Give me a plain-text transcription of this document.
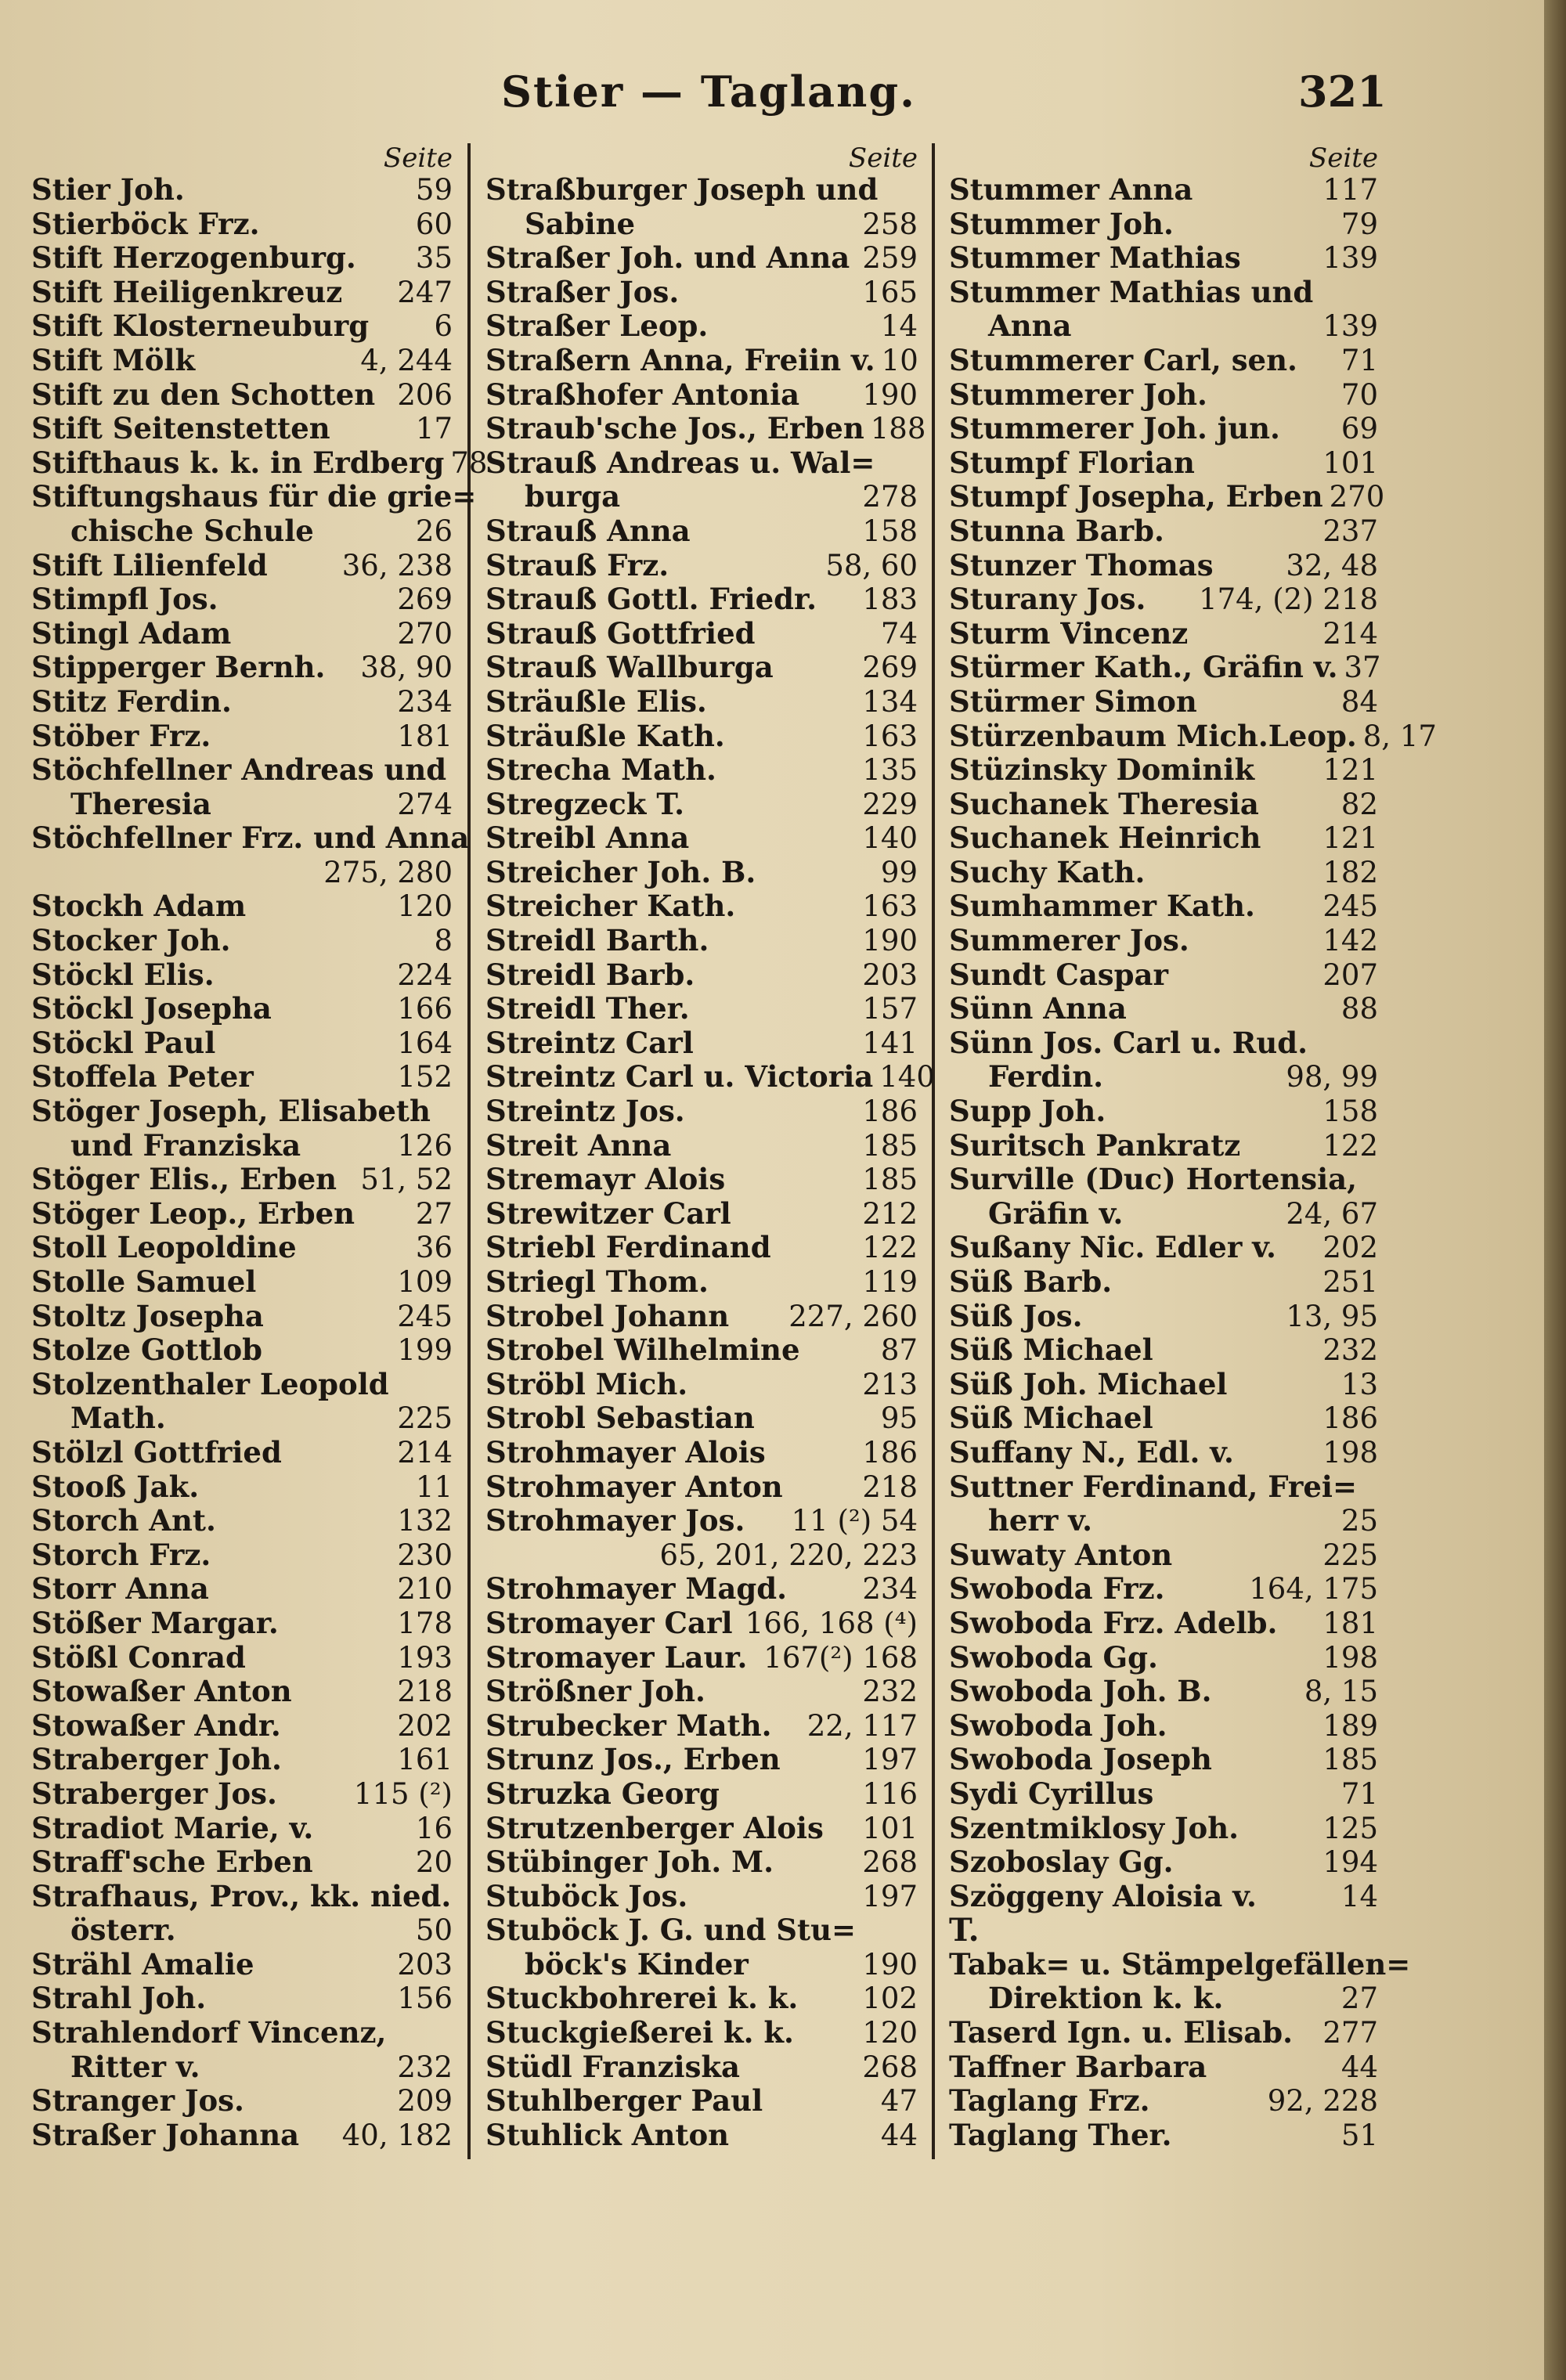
Stier — Taglang.	321
Seite
Stier Joh.	59
Stierböck Frz.	60
Stift Herzogenburg.	35
Stift Heiligenkreuz	247
Stift Klosterneuburg	6
Stift Mölk	4, 244
Stift zu den Schotten 206
Stift Seitenstetten	17
Stifthaus k. k. in Erdberg 78
Stiftungshaus für die grie=
chische Schule	26
Stift Lilienfeld	36, 238
Stimpfl Jos.	269
Stingl Adam	270
Stipperger Bernh.	38, 90
Stitz Ferdin.	234
Stöber Frz.	181
Stöchfellner Andreas und
Theresia	274
Stöchfellner Frz. und Anna
275, 280
Stockh Adam	120
Stocker Joh.	8
Stöckl Elis.	224
Stöckl Josepha	166
Stöckl Paul	164
Stoffela Peter	152
Stöger Joseph, Elisabeth
und Franziska	126
Stöger Elis., Erben 51, 52
Stöger Leop., Erben	27
Stoll Leopoldine	36
Stolle Samuel	109
Stoltz Josepha	245
Stolze Gottlob	199
Stolzenthaler Leopold
Math.	225
Stölzl Gottfried	214
Stooß Jak.	11
Storch Ant.	132
Storch Frz.	230
Storr Anna	210
Stößer Margar.	178
Stößl Conrad	193
Stowaßer Anton	218
Stowaßer Andr.	202
Straberger Joh.	161
Straberger Jos.	115 (²)
Stradiot Marie, v.	16
Straff'sche Erben	20
Strafhaus, Prov., kk. nied.
österr.	50
Strähl Amalie	203
Strahl Joh.	156
Strahlendorf Vincenz,
Ritter v.	232
Stranger Jos.	209
Straßer Johanna	40, 182
Seite
Straßburger Joseph und
Sabine	258
Straßer Joh. und Anna 259
Straßer Jos.	165
Straßer Leop.	14
Straßern Anna, Freiin v. 10
Straßhofer Antonia	190
Straub'sche Jos., Erben 188
Strauß Andreas u. Wal=
burga	278
Strauß Anna	158
Strauß Frz.	58, 60
Strauß Gottl. Friedr.	183
Strauß Gottfried	74
Strauß Wallburga	269
Sträußle Elis.	134
Sträußle Kath.	163
Strecha Math.	135
Stregzeck T.	229
Streibl Anna	140
Streicher Joh. B.	99
Streicher Kath.	163
Streidl Barth.	190
Streidl Barb.	203
Streidl Ther.	157
Streintz Carl	141
Streintz Carl u. Victoria 140
Streintz Jos.	186
Streit Anna	185
Stremayr Alois	185
Strewitzer Carl	212
Striebl Ferdinand	122
Striegl Thom.	119
Strobel Johann	227, 260
Strobel Wilhelmine	87
Ströbl Mich.	213
Strobl Sebastian	95
Strohmayer Alois	186
Strohmayer Anton	218
Strohmayer Jos.	11 (²) 54
65, 201, 220, 223
Strohmayer Magd.	234
Stromayer Carl 166, 168 (⁴)
Stromayer Laur. 167(²) 168
Strößner Joh.	232
Strubecker Math.	22, 117
Strunz Jos., Erben	197
Struzka Georg	116
Strutzenberger Alois	101
Stübinger Joh. M.	268
Stuböck Jos.	197
Stuböck J. G. und Stu=
böck's Kinder	190
Stuckbohrerei k. k.	102
Stuckgießerei k. k.	120
Stüdl Franziska	268
Stuhlberger Paul	47
Stuhlick Anton	44
Seite
Stummer Anna	117
Stummer Joh.	79
Stummer Mathias	139
Stummer Mathias und
Anna	139
Stummerer Carl, sen.	71
Stummerer Joh.	70
Stummerer Joh. jun.	69
Stumpf Florian	101
Stumpf Josepha, Erben 270
Stunna Barb.	237
Stunzer Thomas	32, 48
Sturany Jos.	174, (2) 218
Sturm Vincenz	214
Stürmer Kath., Gräfin v. 37
Stürmer Simon	84
Stürzenbaum Mich.Leop. 8, 17
Stüzinsky Dominik	121
Suchanek Theresia	82
Suchanek Heinrich	121
Suchy Kath.	182
Sumhammer Kath.	245
Summerer Jos.	142
Sundt Caspar	207
Sünn Anna	88
Sünn Jos. Carl u. Rud.
Ferdin.	98, 99
Supp Joh.	158
Suritsch Pankratz	122
Surville (Duc) Hortensia,
Gräfin v.	24, 67
Sußany Nic. Edler v.	202
Süß Barb.	251
Süß Jos.	13, 95
Süß Michael	232
Süß Joh. Michael	13
Süß Michael	186
Suffany N., Edl. v.	198
Suttner Ferdinand, Frei=
herr v.	25
Suwaty Anton	225
Swoboda Frz.	164, 175
Swoboda Frz. Adelb.	181
Swoboda Gg.	198
Swoboda Joh. B.	8, 15
Swoboda Joh.	189
Swoboda Joseph	185
Sydi Cyrillus	71
Szentmiklosy Joh.	125
Szoboslay Gg.	194
Szöggeny Aloisia v.	14
T.
Tabak= u. Stämpelgefällen=
Direktion k. k.	27
Taserd Ign. u. Elisab.	277
Taffner Barbara	44
Taglang Frz.	92, 228
Taglang Ther.	51
